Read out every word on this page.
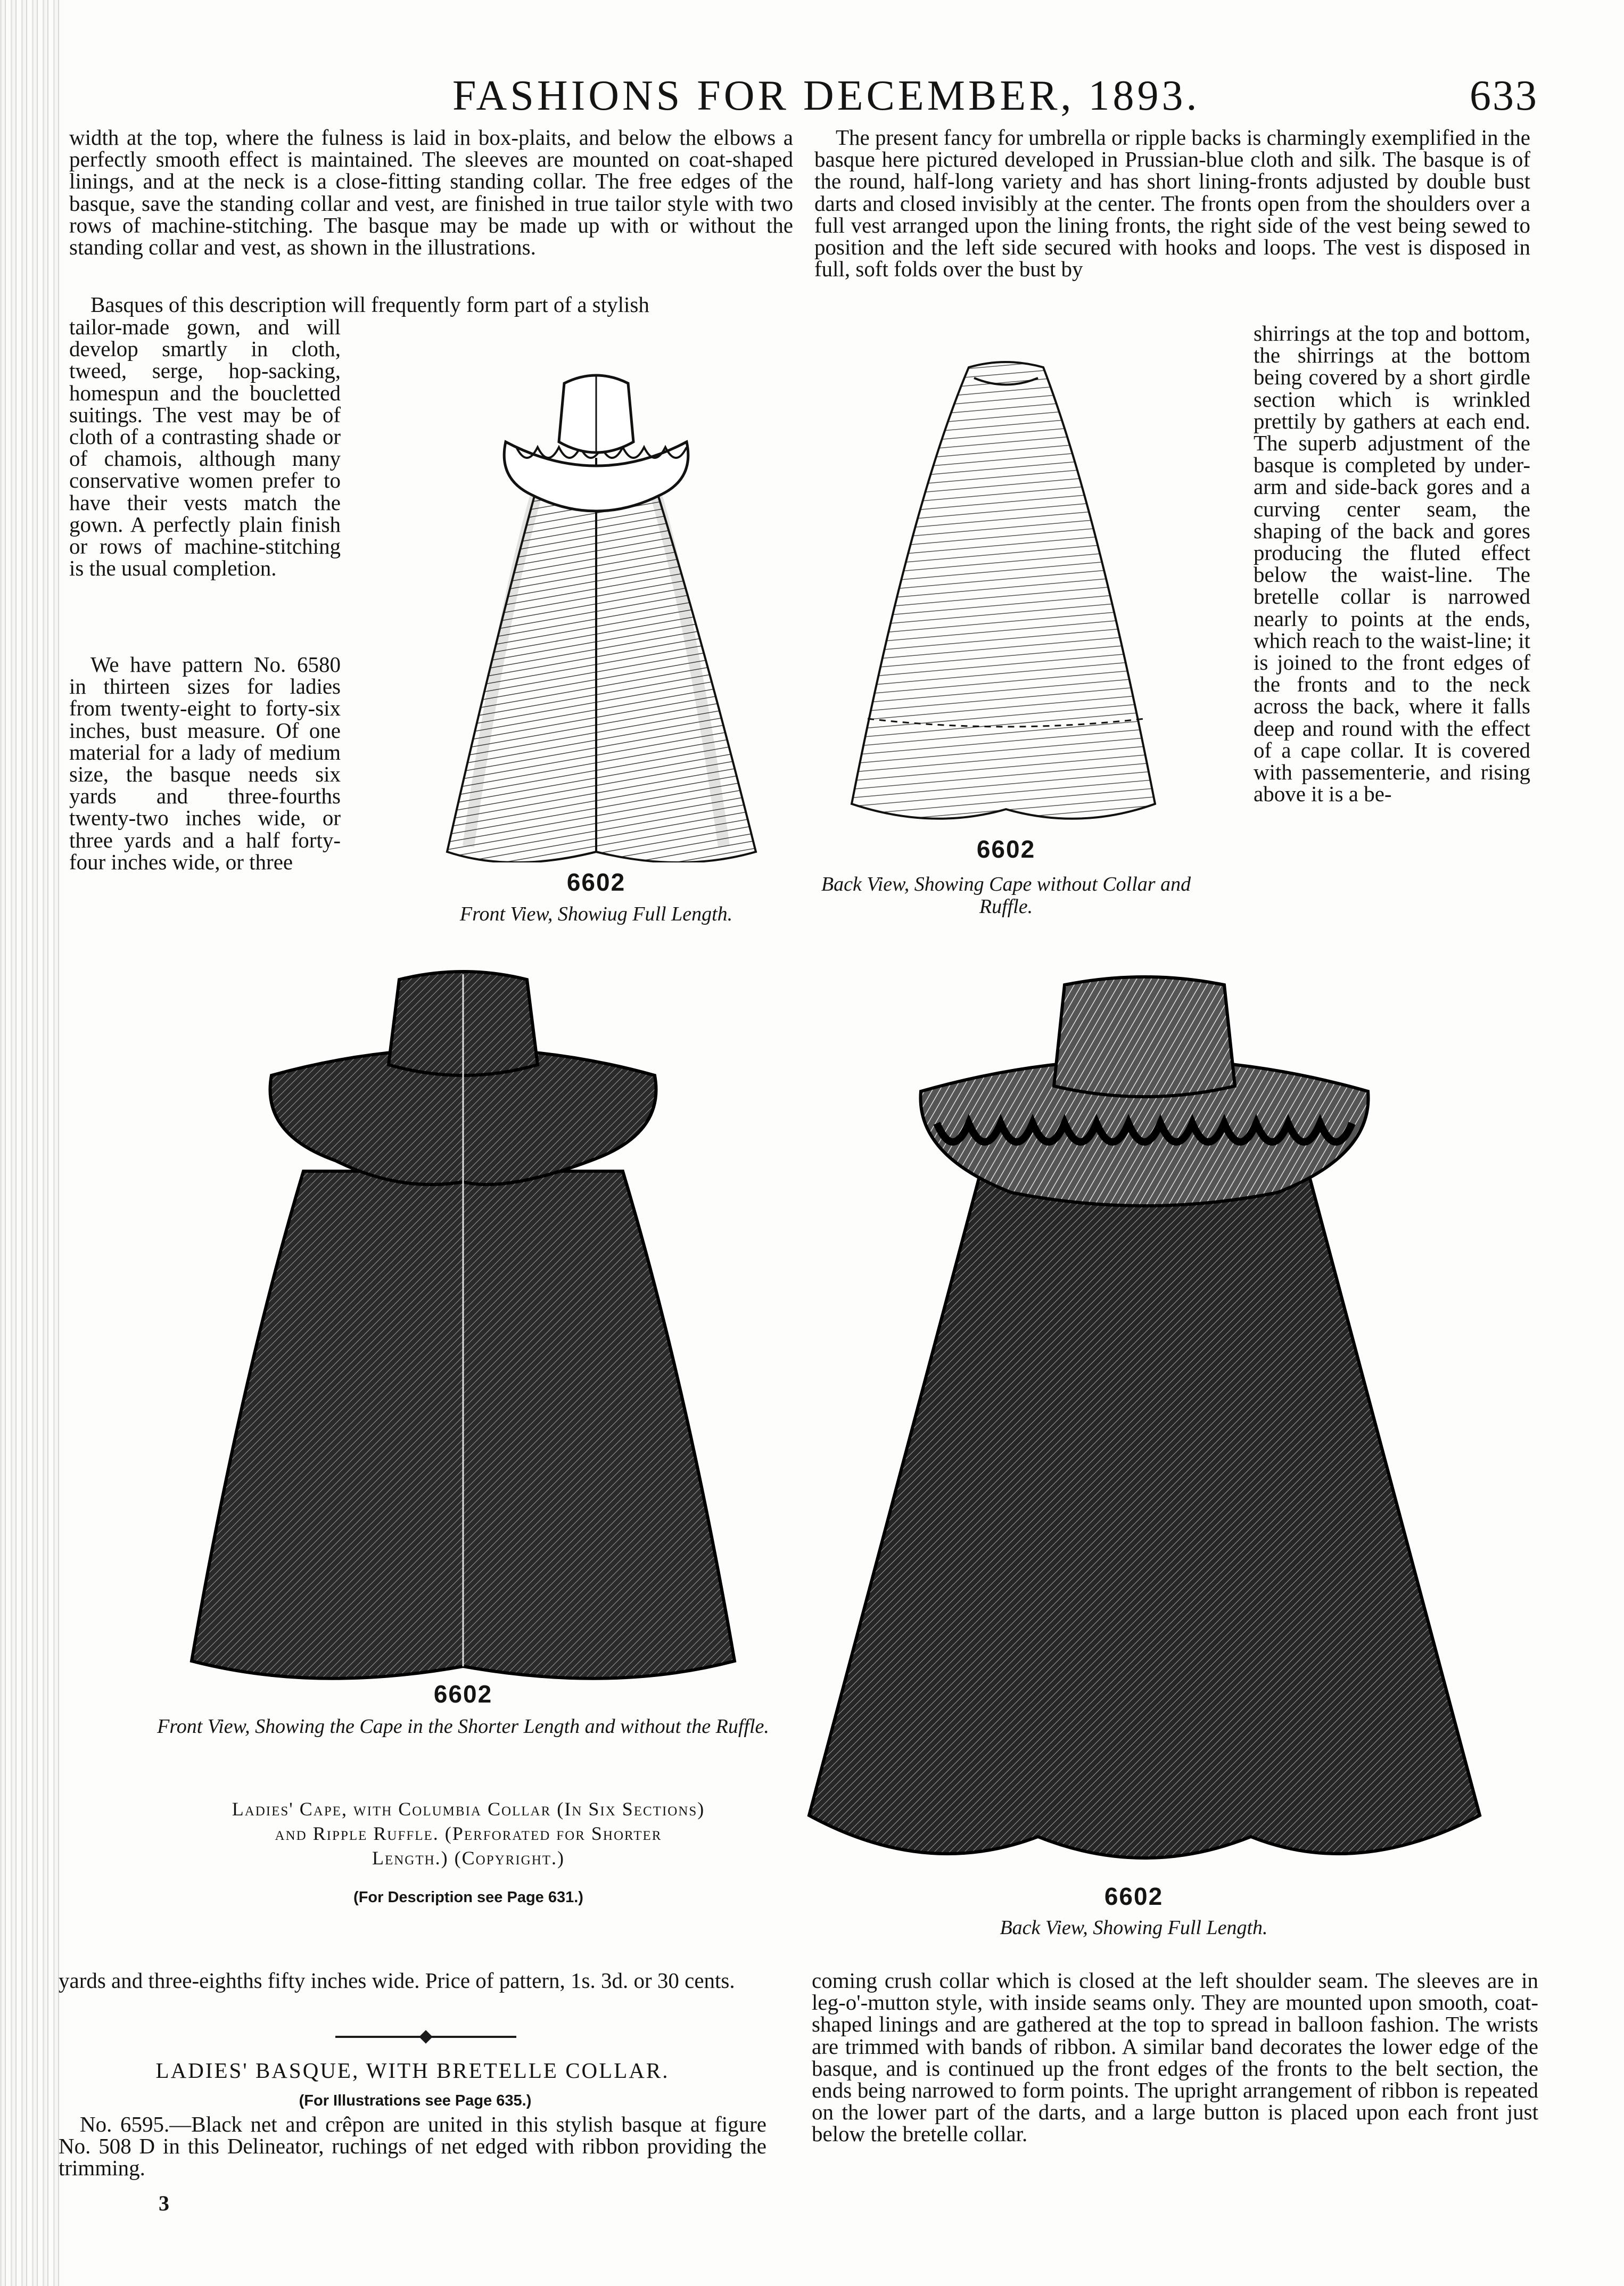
FASHIONS FOR DECEMBER, 1893.	633

width at the top, where the fulness is laid in box-plaits, and below the elbows a perfectly smooth effect is maintained. The sleeves are mounted on coat-shaped linings, and at the neck is a close-fitting standing collar. The free edges of the basque, save the standing collar and vest, are finished in true tailor style with two rows of machine-stitching. The basque may be made up with or without the standing collar and vest, as shown in the illustrations.

Basques of this description will frequently form part of a stylish

tailor-made gown, and will develop smartly in cloth, tweed, serge, hop-sacking, homespun and the boucletted suitings. The vest may be of cloth of a contrasting shade or of chamois, although many conservative women prefer to have their vests match the gown. A perfectly plain finish or rows of machine-stitching is the usual completion.

We have pattern No. 6580 in thirteen sizes for ladies from twenty-eight to forty-six inches, bust measure. Of one material for a lady of medium size, the basque needs six yards and three-fourths twenty-two inches wide, or three yards and a half forty-four inches wide, or three

The present fancy for umbrella or ripple backs is charmingly exemplified in the basque here pictured developed in Prussian-blue cloth and silk. The basque is of the round, half-long variety and has short lining-fronts adjusted by double bust darts and closed invisibly at the center. The fronts open from the shoulders over a full vest arranged upon the lining fronts, the right side of the vest being sewed to position and the left side secured with hooks and loops. The vest is disposed in full, soft folds over the bust by

shirrings at the top and bottom, the shirrings at the bottom being covered by a short girdle section which is wrinkled prettily by gathers at each end. The superb adjustment of the basque is completed by under-arm and side-back gores and a curving center seam, the shaping of the back and gores producing the fluted effect below the waist-line. The bretelle collar is narrowed nearly to points at the ends, which reach to the waist-line; it is joined to the front edges of the fronts and to the neck across the back, where it falls deep and round with the effect of a cape collar. It is covered with passementerie, and rising above it is a be-

6602
Front View, Showiug Full Length.
6602
Back View, Showing Cape without Collar and Ruffle.
6602
Front View, Showing the Cape in the Shorter Length and without the Ruffle.
Ladies' Cape, with Columbia Collar (In Six Sections)
and Ripple Ruffle. (Perforated for Shorter
Length.) (Copyright.)
(For Description see Page 631.)	6602
Back View, Showing Full Length.

yards and three-eighths fifty inches wide. Price of pattern, 1s. 3d. or 30 cents.

LADIES' BASQUE, WITH BRETELLE COLLAR.
(For Illustrations see Page 635.)

No. 6595.—Black net and crêpon are united in this stylish basque at figure No. 508 D in this Delineator, ruchings of net edged with ribbon providing the trimming.

3

coming crush collar which is closed at the left shoulder seam. The sleeves are in leg-o'-mutton style, with inside seams only. They are mounted upon smooth, coat-shaped linings and are gathered at the top to spread in balloon fashion. The wrists are trimmed with bands of ribbon. A similar band decorates the lower edge of the basque, and is continued up the front edges of the fronts to the belt section, the ends being narrowed to form points. The upright arrangement of ribbon is repeated on the lower part of the darts, and a large button is placed upon each front just below the bretelle collar.
